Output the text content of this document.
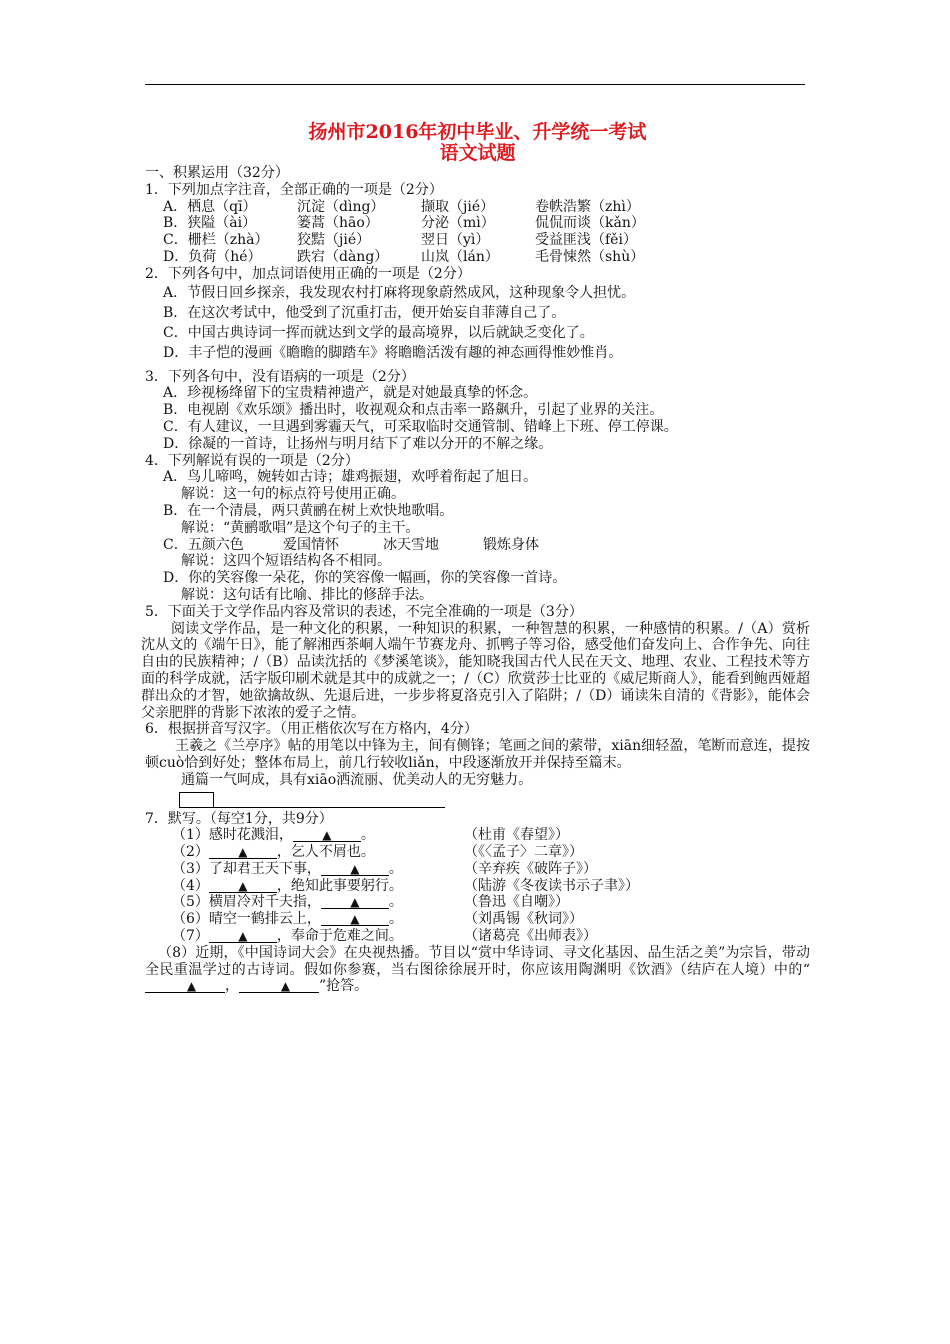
扬州市2016年初中毕业、升学统一考试
语文试题
一、积累运用（32分）
1．下列加点字注音，全部正确的一项是（2分）
A．栖息（qī）	沉淀（dìng）	撷取（jié）	卷帙浩繁（zhì）
B．狭隘（ài）	篓蒿（hāo）	分泌（mì）	侃侃而谈（kǎn）
C．栅栏（zhà）	狡黠（jié）	翌日（yì）	受益匪浅（fěi）
D．负荷（hé）	跌宕（dàng）	山岚（lán）	毛骨悚然（shù）
2．下列各句中，加点词语使用正确的一项是（2分）
A．节假日回乡探亲，我发现农村打麻将现象蔚然成风，这种现象令人担忧。
B．在这次考试中，他受到了沉重打击，便开始妄自菲薄自己了。
C．中国古典诗词一挥而就达到文学的最高境界，以后就缺乏变化了。
D．丰子恺的漫画《瞻瞻的脚踏车》将瞻瞻活泼有趣的神态画得惟妙惟肖。
3．下列各句中，没有语病的一项是（2分）
A．珍视杨绛留下的宝贵精神遗产，就是对她最真挚的怀念。
B．电视剧《欢乐颂》播出时，收视观众和点击率一路飙升，引起了业界的关注。
C．有人建议，一旦遇到雾霾天气，可采取临时交通管制、错峰上下班、停工停课。
D．徐凝的一首诗，让扬州与明月结下了难以分开的不解之缘。
4．下列解说有误的一项是（2分）
A．鸟儿啼鸣，婉转如古诗；雄鸡振翅，欢呼着衔起了旭日。
解说：这一句的标点符号使用正确。
B．在一个清晨，两只黄鹂在树上欢快地歌唱。
解说：“黄鹂歌唱”是这个句子的主干。
C．五颜六色	爱国情怀	冰天雪地	锻炼身体
解说：这四个短语结构各不相同。
D．你的笑容像一朵花，你的笑容像一幅画，你的笑容像一首诗。
解说：这句话有比喻、排比的修辞手法。
5．下面关于文学作品内容及常识的表述，不完全准确的一项是（3分）
阅读文学作品，是一种文化的积累，一种知识的积累，一种智慧的积累，一种感情的积累。/（A）赏析沈从文的《端午日》，能了解湘西茶峒人端午节赛龙舟、抓鸭子等习俗，感受他们奋发向上、合作争先、向往自由的民族精神；/（B）品读沈括的《梦溪笔谈》，能知晓我国古代人民在天文、地理、农业、工程技术等方面的科学成就，活字版印刷术就是其中的成就之一；/（C）欣赏莎士比亚的《威尼斯商人》，能看到鲍西娅超群出众的才智，她欲擒故纵、先退后进，一步步将夏洛克引入了陷阱；/（D）诵读朱自清的《背影》，能体会父亲肥胖的背影下浓浓的爱子之情。
6．根据拼音写汉字。（用正楷依次写在方格内，4分）
王羲之《兰亭序》帖的用笔以中锋为主，间有侧锋；笔画之间的萦带，xiān细轻盈，笔断而意连，提按顿cuò恰到好处；整体布局上，前几行较收liǎn，中段逐渐放开并保持至篇末。
通篇一气呵成，具有xiāo洒流丽、优美动人的无穷魅力。
7．默写。（每空1分，共9分）
（1）感时花溅泪， ▲ 。	（杜甫《春望》）
（2） ▲ ，乞人不屑也。	（《〈孟子〉二章》）
（3）了却君王天下事， ▲ 。	（辛弃疾《破阵子》）
（4） ▲ ，绝知此事要躬行。	（陆游《冬夜读书示子聿》）
（5）横眉冷对千夫指， ▲ 。	（鲁迅《自嘲》）
（6）晴空一鹤排云上， ▲ 。	（刘禹锡《秋词》）
（7） ▲ ，奉命于危难之间。	（诸葛亮《出师表》）
（8）近期，《中国诗词大会》在央视热播。节目以“赏中华诗词、寻文化基因、品生活之美”为宗旨，带动全民重温学过的古诗词。假如你参赛，当右图徐徐展开时，你应该用陶渊明《饮酒》（结庐在人境）中的“▲ ，	▲ ”抢答。
